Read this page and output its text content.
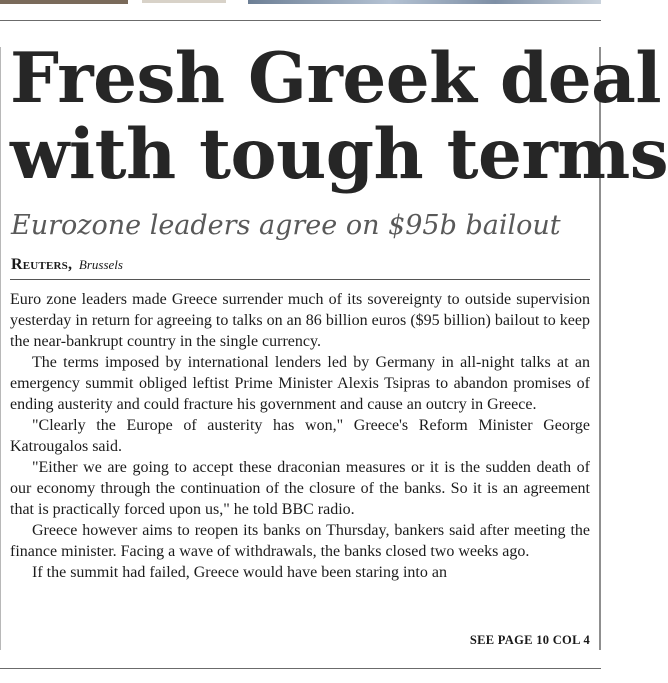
Fresh Greek deal
with tough terms
Eurozone leaders agree on $95b bailout
Reuters, Brussels

Euro zone leaders made Greece surrender much of its sovereignty to outside supervision yesterday in return for agreeing to talks on an 86 billion euros ($95 billion) bailout to keep the near-bankrupt country in the single currency.

The terms imposed by international lenders led by Germany in all-night talks at an emergency summit obliged leftist Prime Minister Alexis Tsipras to abandon promises of ending austerity and could fracture his government and cause an outcry in Greece.

"Clearly the Europe of austerity has won," Greece's Reform Minister George Katrougalos said.

"Either we are going to accept these draconian measures or it is the sudden death of our economy through the continuation of the closure of the banks. So it is an agreement that is practically forced upon us," he told BBC radio.

Greece however aims to reopen its banks on Thursday, bankers said after meeting the finance minister. Facing a wave of withdrawals, the banks closed two weeks ago.

If the summit had failed, Greece would have been staring into an

SEE PAGE 10 COL 4
